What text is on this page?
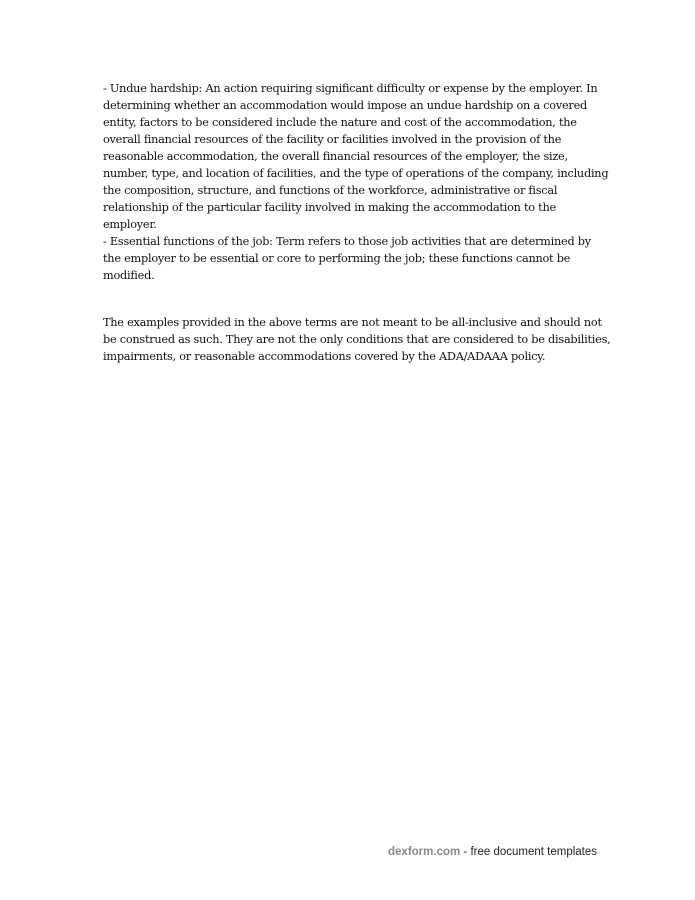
- Undue hardship: An action requiring significant difficulty or expense by the employer. In
determining whether an accommodation would impose an undue hardship on a covered
entity, factors to be considered include the nature and cost of the accommodation, the
overall financial resources of the facility or facilities involved in the provision of the
reasonable accommodation, the overall financial resources of the employer, the size,
number, type, and location of facilities, and the type of operations of the company, including
the composition, structure, and functions of the workforce, administrative or fiscal
relationship of the particular facility involved in making the accommodation to the
employer.
- Essential functions of the job: Term refers to those job activities that are determined by
the employer to be essential or core to performing the job; these functions cannot be
modified.
The examples provided in the above terms are not meant to be all-inclusive and should not
be construed as such. They are not the only conditions that are considered to be disabilities,
impairments, or reasonable accommodations covered by the ADA/ADAAA policy.
dexform.com - free document templates
